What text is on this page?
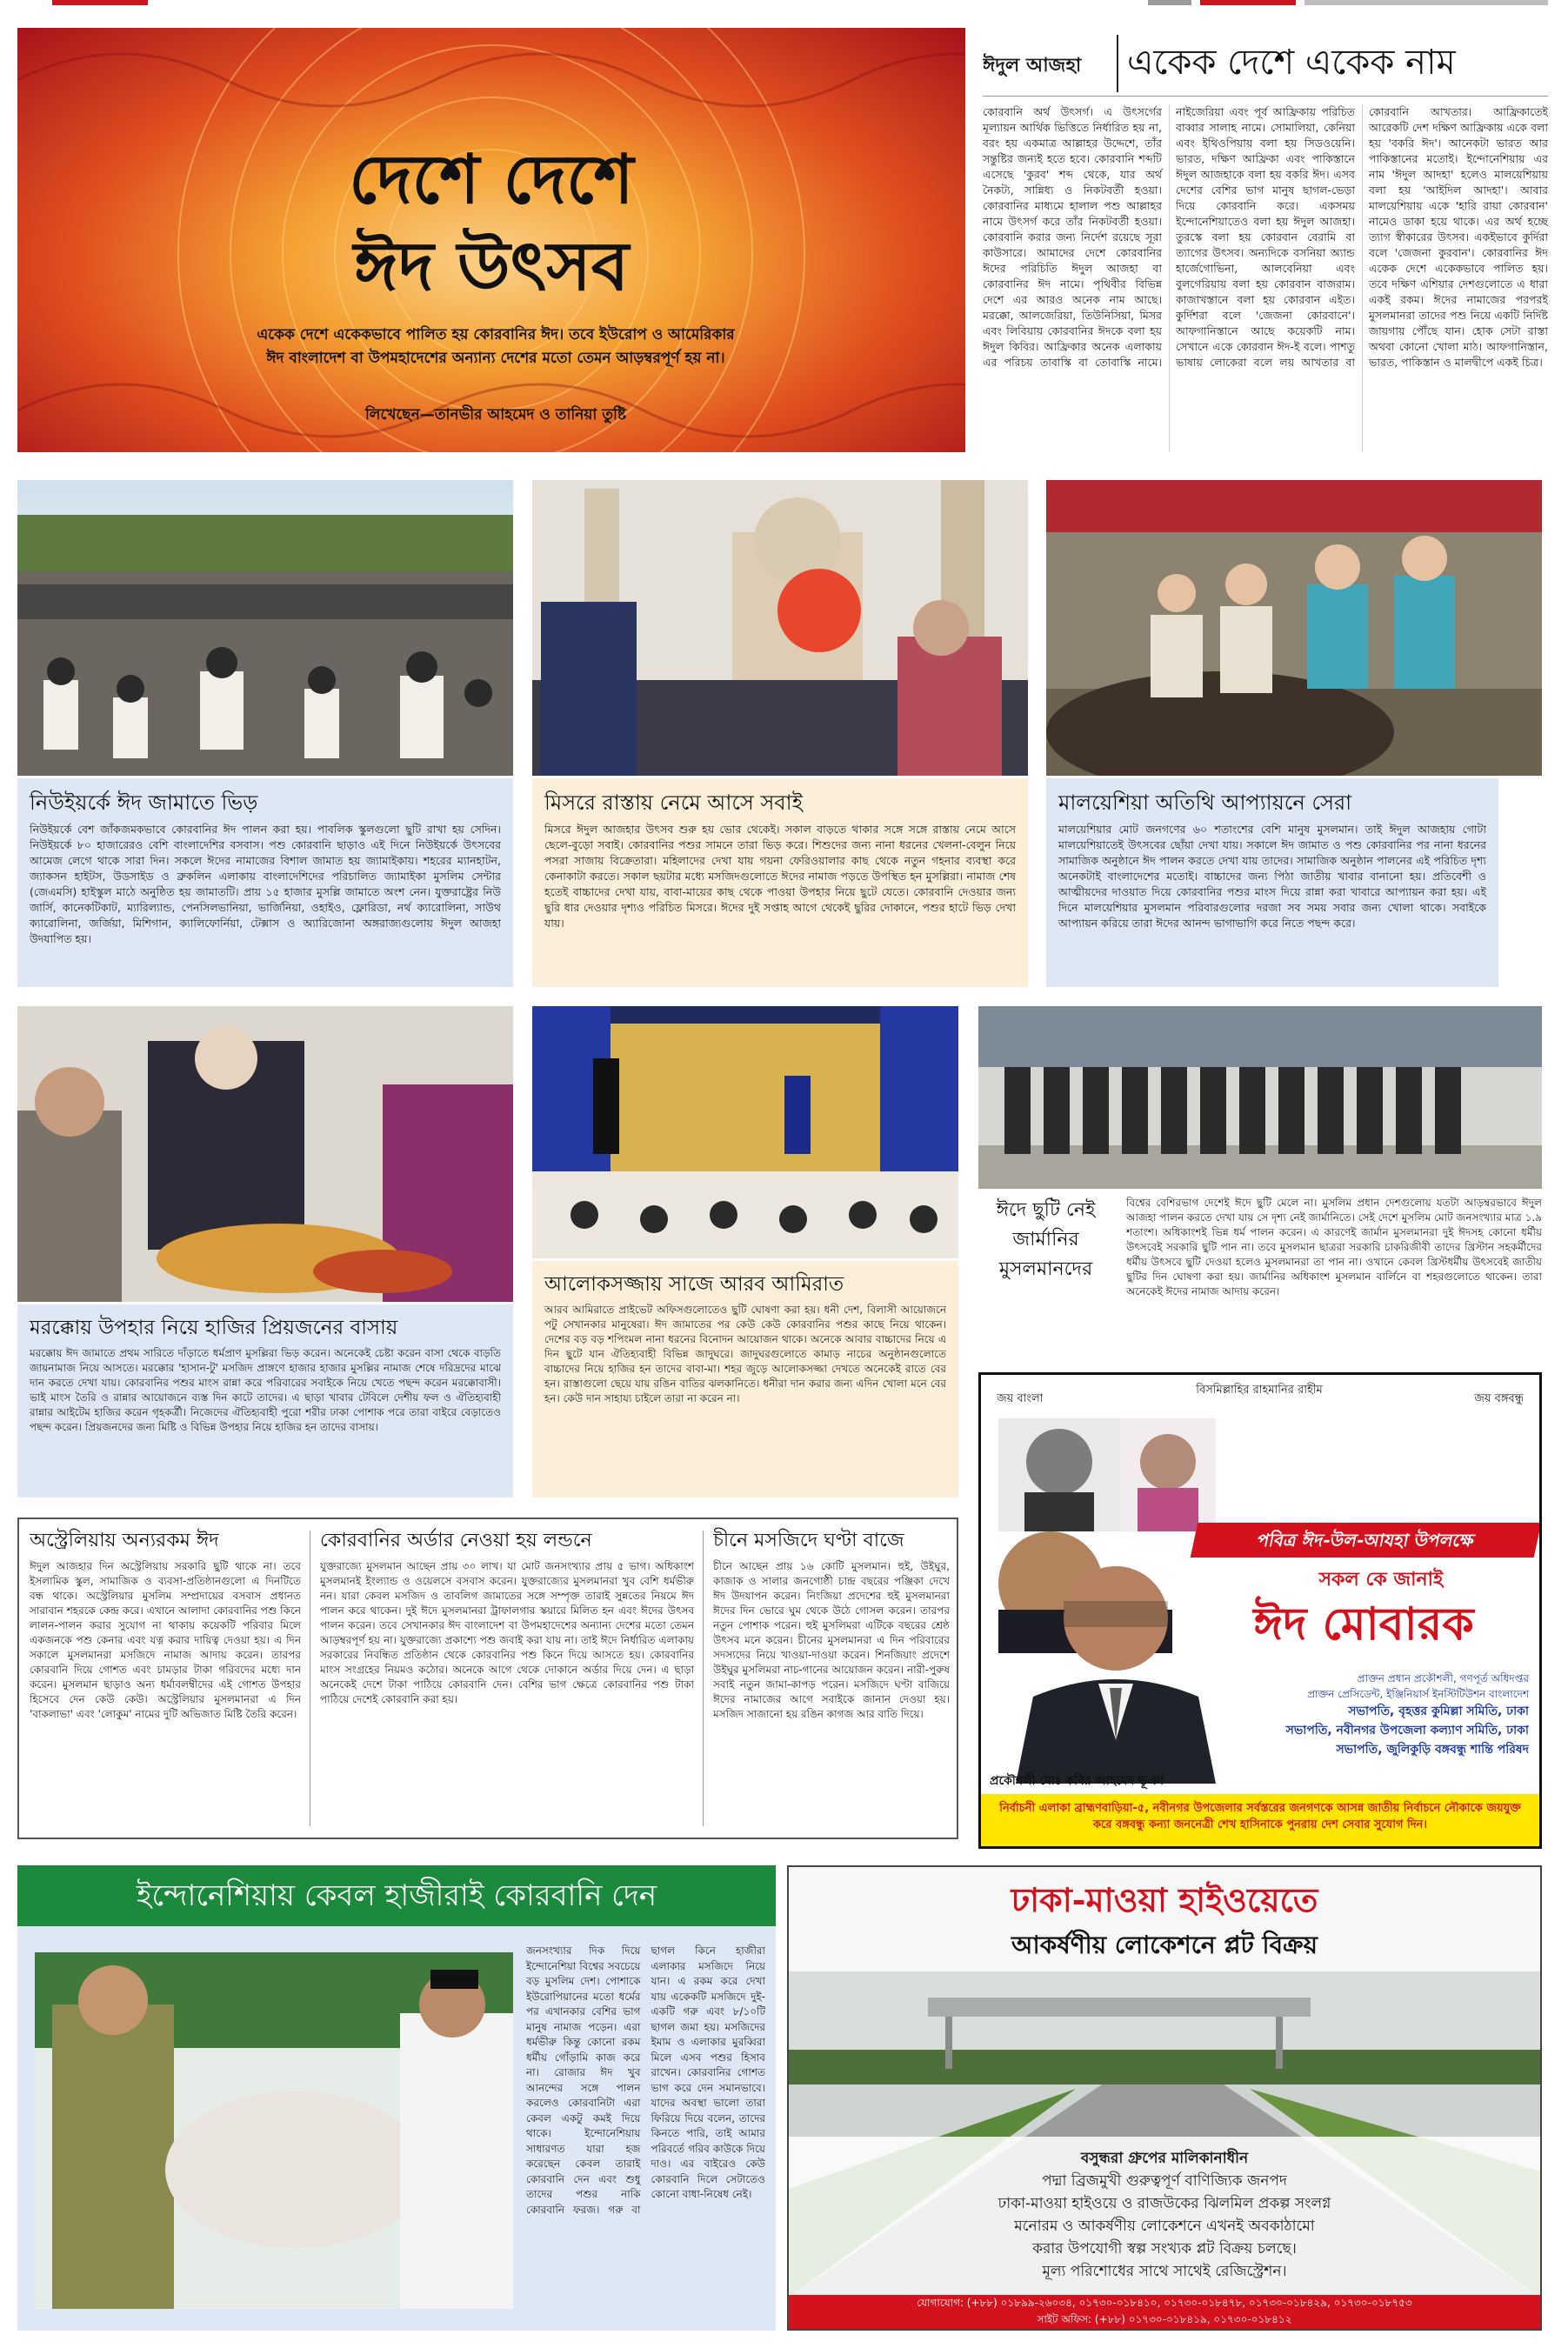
দেশে দেশে
ঈদ উৎসব
একেক দেশে একেকভাবে পালিত হয় কোরবানির ঈদ। তবে ইউরোপ ও আমেরিকার ঈদ বাংলাদেশ বা উপমহাদেশের অন্যান্য দেশের মতো তেমন আড়ম্বরপূর্ণ হয় না।
লিখেছেন—তানভীর আহমেদ ও তানিয়া তুষ্টি
ঈদুল আজহা	একেক দেশে একেক নাম
কোরবানি অর্থ উৎসর্গ। এ উৎসর্গের মূল্যায়ন আর্থিক ভিত্তিতে নির্ধারিত হয় না, বরং হয় একমাত্র আল্লাহর উদ্দেশে, তাঁর সন্তুষ্টির জন্যই হতে হবে। কোরবানি শব্দটি এসেছে 'কুরব' শব্দ থেকে, যার অর্থ নৈকট্য, সান্নিধ্য ও নিকটবর্তী হওয়া। কোরবানির মাধ্যমে হালাল পশু আল্লাহর নামে উৎসর্গ করে তাঁর নিকটবর্তী হওয়া। কোরবানি করার জন্য নির্দেশ রয়েছে সূরা কাউসারে। আমাদের দেশে কোরবানির ঈদের পরিচিতি ঈদুল আজহা বা কোরবানির ঈদ নামে। পৃথিবীর বিভিন্ন দেশে এর আরও অনেক নাম আছে। মরক্কো, আলজেরিয়া, তিউনিসিয়া, মিসর এবং লিবিয়ায় কোরবানির ঈদকে বলা হয় ঈদুল কিবির। আফ্রিকার অনেক এলাকায় এর পরিচয় তাবাস্কি বা তোবাস্কি নামে। নাইজেরিয়া এবং পূর্ব আফ্রিকায় পরিচিত বাব্বার সালাহ নামে। সোমালিয়া, কেনিয়া এবং ইথিওপিয়ায় বলা হয় সিডওয়েনি। ভারত, দক্ষিণ আফ্রিকা এবং পাকিস্তানে ঈদুল আজহাকে বলা হয় বকরি ঈদ। এসব দেশের বেশির ভাগ মানুষ ছাগল-ভেড়া দিয়ে কোরবানি করে। একসময় ইন্দোনেশিয়াতেও বলা হয় ঈদুল আজহা। তুরস্কে বলা হয় কোরবান বেরামি বা ত্যাগের উৎসব। অন্যদিকে বসনিয়া অ্যান্ড হার্জেগোভিনা, আলবেনিয়া এবং বুলগেরিয়ায় বলা হয় কোরবান বাজরাম। কাজাখস্তানে বলা হয় কোরবান এইত। কুর্দিশরা বলে 'জেজনা কোরবানে'। আফগানিস্তানে আছে কয়েকটি নাম। সেখানে একে কোরবান ঈদ-ই বলে। পাশতু ভাষায় লোকেরা বলে লয় আখতার বা কোরবানি আখতার। আফ্রিকাতেই আরেকটি দেশ দক্ষিণ আফ্রিকায় একে বলা হয় 'বকরি ঈদ'। আনেকটা ভারত আর পাকিস্তানের মতোই। ইন্দোনেশিয়ায় এর নাম 'ঈদুল আদহা' হলেও মালয়েশিয়ায় বলা হয় 'আইদিল আদহা'। আবার মালয়েশিয়ায় একে 'হারি রায়া কোরবান' নামেও ডাকা হয়ে থাকে। এর অর্থ হচ্ছে ত্যাগ স্বীকারের উৎসব। একইভাবে কুর্দিরা বলে 'জেজনা কুরবান'। কোরবানির ঈদ একেক দেশে একেকভাবে পালিত হয়। তবে দক্ষিণ এশিয়ার দেশগুলোতে এ ধারা একই রকম। ঈদের নামাজের পরপরই মুসলমানরা তাদের পশু নিয়ে একটি নির্দিষ্ট জায়গায় পৌঁছে যান। হোক সেটা রাস্তা অথবা কোনো খোলা মাঠ। আফগানিস্তান, ভারত, পাকিস্তান ও মালদ্বীপে একই চিত্র।
নিউইয়র্কে ঈদ জামাতে ভিড়
নিউইয়র্কে বেশ জাঁকজমকভাবে কোরবানির ঈদ পালন করা হয়। পাবলিক স্কুলগুলো ছুটি রাখা হয় সেদিন। নিউইয়র্কে ৮০ হাজারেরও বেশি বাংলাদেশির বসবাস। পশু কোরবানি ছাড়াও এই দিনে নিউইয়র্কে উৎসবের আমেজ লেগে থাকে সারা দিন। সকলে ঈদের নামাজের বিশাল জামাত হয় জ্যামাইকায়। শহরের ম্যানহাটন, জ্যাকসন হাইটস, উডসাইড ও ব্রুকলিন এলাকায় বাংলাদেশিদের পরিচালিত জ্যামাইকা মুসলিম সেন্টার (জেএমসি) হাইস্কুল মাঠে অনুষ্ঠিত হয় জামাতটি। প্রায় ১৫ হাজার মুসল্লি জামাতে অংশ নেন। যুক্তরাষ্ট্রের নিউ জার্সি, কানেকটিকাট, ম্যারিল্যান্ড, পেনসিলভানিয়া, ভার্জিনিয়া, ওহাইও, ফ্লোরিডা, নর্থ ক্যারোলিনা, সাউথ ক্যারোলিনা, জর্জিয়া, মিশিগান, ক্যালিফোর্নিয়া, টেক্সাস ও অ্যারিজোনা অঙ্গরাজ্যগুলোয় ঈদুল আজহা উদযাপিত হয়।
মিসরে রাস্তায় নেমে আসে সবাই
মিসরে ঈদুল আজহার উৎসব শুরু হয় ভোর থেকেই। সকাল বাড়তে থাকার সঙ্গে সঙ্গে রাস্তায় নেমে আসে ছেলে-বুড়ো সবাই। কোরবানির পশুর সামনে তারা ভিড় করে। শিশুদের জন্য নানা ধরনের খেলনা-বেলুন নিয়ে পসরা সাজায় বিক্রেতারা। মহিলাদের দেখা যায় গয়না ফেরিওয়ালার কাছ থেকে নতুন গহনার ব্যবস্থা করে কেনাকাটা করতে। সকাল ছয়টার মধ্যে মসজিদগুলোতে ঈদের নামাজ পড়তে উপস্থিত হন মুসল্লিরা। নামাজ শেষ হতেই বাচ্চাদের দেখা যায়, বাবা-মায়ের কাছ থেকে পাওয়া উপহার নিয়ে ছুটে যেতে। কোরবানি দেওয়ার জন্য ছুরি ধার দেওয়ার দৃশ্যও পরিচিত মিসরে। ঈদের দুই সপ্তাহ আগে থেকেই ছুরির দোকানে, পশুর হাটে ভিড় দেখা যায়।
মালয়েশিয়া অতিথি আপ্যায়নে সেরা
মালয়েশিয়ার মোট জনগণের ৬০ শতাংশের বেশি মানুষ মুসলমান। তাই ঈদুল আজহায় গোটা মালয়েশিয়াতেই উৎসবের ছোঁয়া দেখা যায়। সকালে ঈদ জামাত ও পশু কোরবানির পর নানা ধরনের সামাজিক অনুষ্ঠানে ঈদ পালন করতে দেখা যায় তাদের। সামাজিক অনুষ্ঠান পালনের এই পরিচিত দৃশ্য অনেকটাই বাংলাদেশের মতোই। বাচ্চাদের জন্য পিঠা জাতীয় খাবার বানানো হয়। প্রতিবেশী ও আত্মীয়দের দাওয়াত দিয়ে কোরবানির পশুর মাংস দিয়ে রান্না করা খাবারে আপ্যায়ন করা হয়। এই দিনে মালয়েশিয়ার মুসলমান পরিবারগুলোর দরজা সব সময় সবার জন্য খোলা থাকে। সবাইকে আপ্যায়ন করিয়ে তারা ঈদের আনন্দ ভাগাভাগি করে নিতে পছন্দ করে।
মরক্কোয় উপহার নিয়ে হাজির প্রিয়জনের বাসায়
মরক্কোয় ঈদ জামাতে প্রথম সারিতে দাঁড়াতে ধর্মপ্রাণ মুসল্লিরা ভিড় করেন। অনেকেই চেষ্টা করেন বাসা থেকে বাড়তি জায়নামাজ নিয়ে আসতে। মরক্কোর 'হাসান-টু' মসজিদ প্রাঙ্গণে হাজার হাজার মুসল্লির নামাজ শেষে দরিদ্রদের মাঝে দান করতে দেখা যায়। কোরবানির পশুর মাংস রান্না করে পরিবারের সবাইকে নিয়ে খেতে পছন্দ করেন মরক্কোবাসী। ভাই মাংস তৈরি ও রান্নার আয়োজনে ব্যস্ত দিন কাটে তাদের। এ ছাড়া খাবার টেবিলে দেশীয় ফল ও ঐতিহ্যবাহী রান্নার আইটেম হাজির করেন গৃহকর্ত্রী। নিজেদের ঐতিহ্যবাহী পুরো শরীর ঢাকা পোশাক পরে তারা বাইরে বেড়াতেও পছন্দ করেন। প্রিয়জনদের জন্য মিষ্টি ও বিভিন্ন উপহার নিয়ে হাজির হন তাদের বাসায়।
আলোকসজ্জায় সাজে আরব আমিরাত
আরব আমিরাতে প্রাইভেট অফিসগুলোতেও ছুটি ঘোষণা করা হয়। ধনী দেশ, বিলাসী আয়োজনে পটু সেখানকার মানুষেরা। ঈদ জামাতের পর কেউ কেউ কোরবানির পশুর কাছে নিয়ে থাকেন। দেশের বড় বড় শপিংমল নানা ধরনের বিনোদন আয়োজন থাকে। অনেকে আবার বাচ্চাদের নিয়ে এ দিন ছুটে যান ঐতিহ্যবাহী বিভিন্ন জাদুঘরে। জাদুঘরগুলোতে কামাড় নাচের অনুষ্ঠানগুলোতে বাচ্চাদের নিয়ে হাজির হন তাদের বাবা-মা। শহর জুড়ে আলোকসজ্জা দেখতে অনেকেই রাতে বের হন। রাস্তাগুলো ছেয়ে যায় রঙিন বাতির ঝলকানিতে। ধনীরা দান করার জন্য এদিন খোলা মনে বের হন। কেউ দান সাহায্য চাইলে তারা না করেন না।
ঈদে ছুটি নেই জার্মানির মুসলমানদের
বিশ্বের বেশিরভাগ দেশেই ঈদে ছুটি মেলে না। মুসলিম প্রধান দেশগুলোয় যতটা আড়ম্বরভাবে ঈদুল আজহা পালন করতে দেখা যায় সে দৃশ্য নেই জার্মানিতে। সেই দেশে মুসলিম মোট জনসংখ্যার মাত্র ১.৯ শতাংশ। অধিকাংশই ভিন্ন ধর্ম পালন করেন। এ কারণেই জার্মান মুসলমানরা দুই ঈদসহ কোনো ধর্মীয় উৎসবেই সরকারি ছুটি পান না। তবে মুসলমান ছাত্ররা সরকারি চাকরিজীবী তাদের খ্রিস্টান সহকর্মীদের ধর্মীয় উৎসবে ছুটি দেওয়া হলেও মুসলমানরা তা পান না। ওখানে কেবল খ্রিস্টধর্মীয় উৎসবেই জাতীয় ছুটির দিন ঘোষণা করা হয়। জার্মানির অধিকাংশ মুসলমান বার্লিনে বা শহরগুলোতে থাকেন। তারা অনেকেই ঈদের নামাজ আদায় করেন।
অস্ট্রেলিয়ায় অন্যরকম ঈদ
ঈদুল আজহার দিন অস্ট্রেলিয়ায় সরকারি ছুটি থাকে না। তবে ইসলামিক স্কুল, সামাজিক ও ব্যবসা-প্রতিষ্ঠানগুলো এ দিনটিতে বন্ধ থাকে। অস্ট্রেলিয়ার মুসলিম সম্প্রদায়ের বসবাস প্রধানত সারাবান শহরকে কেন্দ্র করে। এখানে আলাদা কোরবানির পশু কিনে লালন-পালন করার সুযোগ না থাকায় কয়েকটি পরিবার মিলে একজনকে পশু কেনার এবং যত্ন করার দায়িত্ব দেওয়া হয়। এ দিন সকালে মুসলমানরা মসজিদে নামাজ আদায় করেন। তারপর কোরবানি দিয়ে গোশত এবং চামড়ার টাকা গরিবদের মধ্যে দান করেন। মুসলমান ছাড়াও অন্য ধর্মাবলম্বীদের এই গোশত উপহার হিসেবে দেন কেউ কেউ। অস্ট্রেলিয়ার মুসলমানরা এ দিন 'বাকলাভা' এবং 'লোকুম' নামের দুটি অভিজাত মিষ্টি তৈরি করেন।
কোরবানির অর্ডার নেওয়া হয় লন্ডনে
যুক্তরাজ্যে মুসলমান আছেন প্রায় ৩০ লাখ। যা মোট জনসংখ্যার প্রায় ৫ ভাগ। অধিকাংশ মুসলমানই ইংল্যান্ড ও ওয়েলসে বসবাস করেন। যুক্তরাজ্যের মুসলমানরা খুব বেশি ধর্মভীরু নন। যারা কেবল মসজিদ ও তাবলিগ জামাতের সঙ্গে সম্পৃক্ত তারাই সুন্নতের নিয়মে ঈদ পালন করে থাকেন। দুই ঈদে মুসলমানরা ট্রাফালগার স্কয়ারে মিলিত হন এবং ঈদের উৎসব পালন করেন। তবে সেখানকার ঈদ বাংলাদেশ বা উপমহাদেশের অন্যান্য দেশের মতো তেমন আড়ম্বরপূর্ণ হয় না। যুক্তরাজ্যে প্রকাশ্যে পশু জবাই করা যায় না। তাই ঈদে নির্ধারিত এলাকায় সরকারের নিবন্ধিত প্রতিষ্ঠান থেকে কোরবানির পশু কিনে দিয়ে আসতে হয়। কোরবানির মাংস সংগ্রহের নিয়মও কঠোর। অনেকে আগে থেকে দোকানে অর্ডার দিয়ে দেন। এ ছাড়া অনেকেই দেশে টাকা পাঠিয়ে কোরবানি দেন। বেশির ভাগ ক্ষেত্রে কোরবানির পশু টাকা পাঠিয়ে দেশেই কোরবানি করা হয়।
চীনে মসজিদে ঘণ্টা বাজে
চীনে আছেন প্রায় ১৬ কোটি মুসলমান। হুই, উইঘুর, কাজাক ও সালার জনগোষ্ঠী চান্দ্র বছরের পঞ্জিকা দেখে ঈদ উদযাপন করেন। নিংজিয়া প্রদেশের হুই মুসলমানরা ঈদের দিন ভোরে ঘুম থেকে উঠে গোসল করেন। তারপর নতুন পোশাক পরেন। হুই মুসলিমরা এটিকে বছরের শ্রেষ্ঠ উৎসব মনে করেন। চীনের মুসলমানরা এ দিন পরিবারের সদস্যদের নিয়ে খাওয়া-দাওয়া করেন। শিনজিয়াং প্রদেশে উইঘুর মুসলিমরা নাচ-গানের আয়োজন করেন। নারী-পুরুষ সবাই নতুন জামা-কাপড় পরেন। মসজিদে ঘণ্টা বাজিয়ে ঈদের নামাজের আগে সবাইকে জানান দেওয়া হয়। মসজিদ সাজানো হয় রঙিন কাগজ আর বাতি দিয়ে।
জয় বাংলা
বিসমিল্লাহির রাহমানির রাহীম
জয় বঙ্গবন্ধু
পবিত্র ঈদ-উল-আযহা উপলক্ষে
সকল কে জানাই
ঈদ মোবারক
প্রাক্তন প্রধান প্রকৌশলী, গণপূর্ত অধিদপ্তর
প্রাক্তন প্রেসিডেন্ট, ইঞ্জিনিয়ার্স ইনস্টিটিউশন বাংলাদেশ
সভাপতি, বৃহত্তর কুমিল্লা সমিতি, ঢাকা
সভাপতি, নবীনগর উপজেলা কল্যাণ সমিতি, ঢাকা
সভাপতি, জুলিকুড়ি বঙ্গবন্ধু শান্তি পরিষদ
প্রকৌশলী মোঃ কবির আহমেদ ভূঞা
নির্বাচনী এলাকা ব্রাহ্মণবাড়িয়া-৫, নবীনগর উপজেলার সর্বস্তরের জনগণকে আসন্ন জাতীয় নির্বাচনে নৌকাকে জয়যুক্ত করে বঙ্গবন্ধু কন্যা জননেত্রী শেখ হাসিনাকে পুনরায় দেশ সেবার সুযোগ দিন।
ইন্দোনেশিয়ায় কেবল হাজীরাই কোরবানি দেন
জনসংখ্যার দিক দিয়ে ইন্দোনেশিয়া বিশ্বের সবচেয়ে বড় মুসলিম দেশ। পোশাকে ইউরোপিয়ানের মতো ধর্মের পর এখানকার বেশির ভাগ মানুষ নামাজ পড়েন। এরা ধর্মভীরু কিন্তু কোনো রকম ধর্মীয় গোঁড়ামি কাজ করে না। রোজার ঈদ খুব আনন্দের সঙ্গে পালন করলেও কোরবানিটা এরা কেবল একটু কমই দিয়ে থাকে। ইন্দোনেশিয়ায় সাধারণত যারা হজ করেছেন কেবল তারাই কোরবানি দেন এবং শুধু তাদের পশুর নাকি কোরবানি ফরজ। গরু বা ছাগল কিনে হাজীরা এলাকার মসজিদে নিয়ে যান। এ রকম করে দেখা যায় একেকটি মসজিদে দুই-একটি গরু এবং ৮/১০টি ছাগল জমা হয়। মসজিদের ইমাম ও এলাকার মুরব্বিরা মিলে এসব পশুর হিসাব রাখেন। কোরবানির গোশত ভাগ করে দেন সমানভাবে। যাদের অবস্থা ভালো তারা ফিরিয়ে দিয়ে বলেন, তাদের কিনতে পারি, তাই আমার পরিবর্তে গরিব কাউকে দিয়ে দাও। এর বাইরেও কেউ কোরবানি দিলে সেটাতেও কোনো বাধা-নিষেধ নেই।
ঢাকা-মাওয়া হাইওয়েতে
আকর্ষণীয় লোকেশনে প্লট বিক্রয়
বসুন্ধরা গ্রুপের মালিকানাধীন
পদ্মা ব্রিজমুখী গুরুত্বপূর্ণ বাণিজ্যিক জনপদ
ঢাকা-মাওয়া হাইওয়ে ও রাজউকের ঝিলমিল প্রকল্প সংলগ্ন
মনোরম ও আকর্ষণীয় লোকেশনে এখনই অবকাঠামো
করার উপযোগী স্বল্প সংখ্যক প্লট বিক্রয় চলছে।
মূল্য পরিশোধের সাথে সাথেই রেজিস্ট্রেশন।
যোগাযোগ: (+৮৮) ০১৮৯৯-২৬০৩৪, ০১৭৩০-০১৮৪১০, ০১৭৩০-০১৮৪৭৮, ০১৭৩০-০১৮৪২৯, ০১৭৩০-০১৮৭৫৩
সাইট অফিস: (+৮৮) ০১৭৩০-০১৮৪১৯, ০১৭৩০-০১৮৪১২
